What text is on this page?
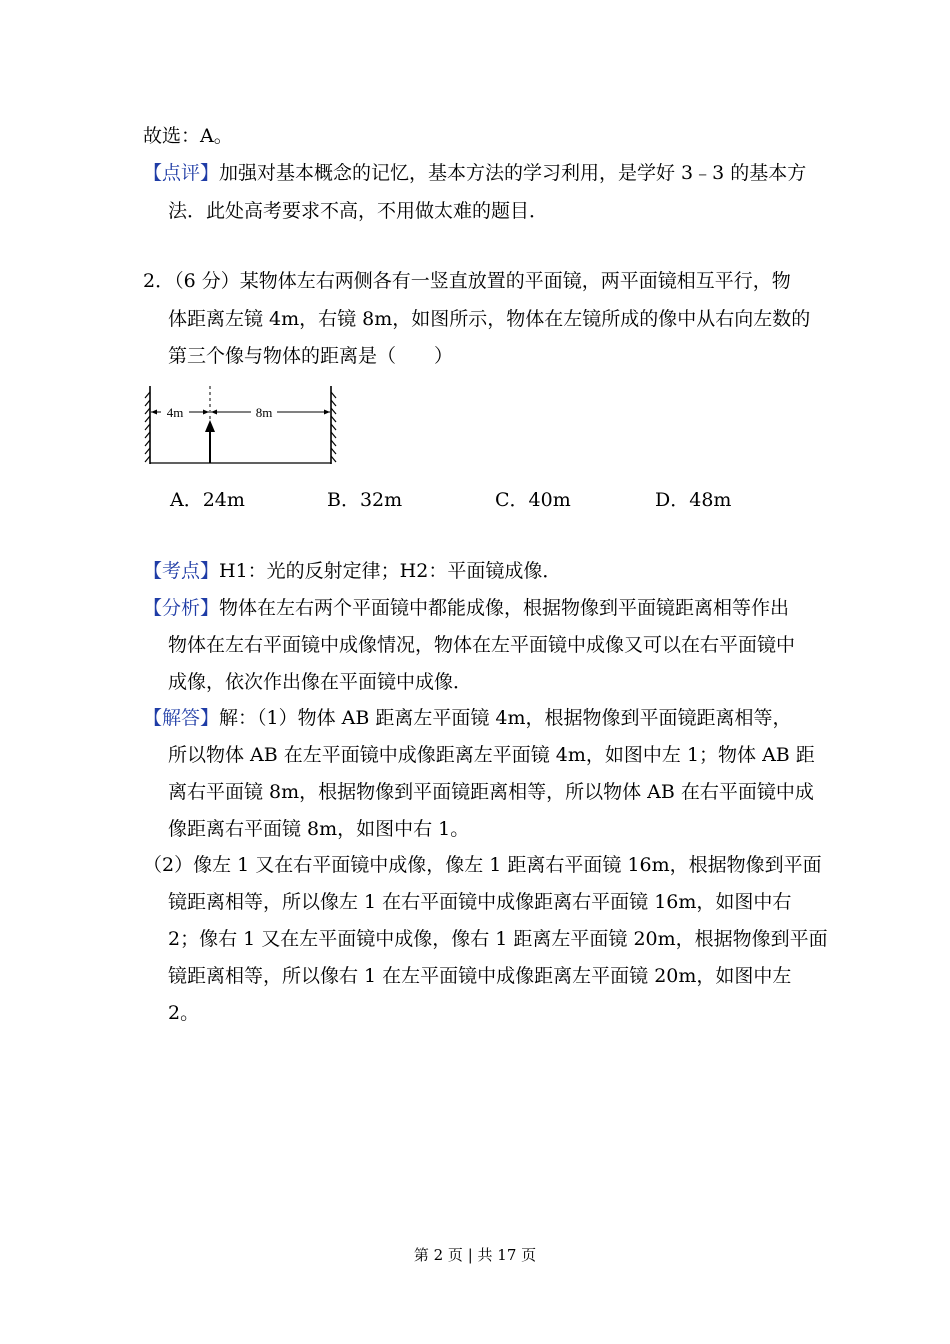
故选：A。
【点评】加强对基本概念的记忆，基本方法的学习利用，是学好 3﹣3 的基本方
法．此处高考要求不高，不用做太难的题目．
2．（6 分）某物体左右两侧各有一竖直放置的平面镜，两平面镜相互平行，物
体距离左镜 4m，右镜 8m，如图所示，物体在左镜所成的像中从右向左数的
第三个像与物体的距离是（　　）
4m	8m
A．24m	B．32m	C．40m	D．48m
【考点】H1：光的反射定律；H2：平面镜成像．
【分析】物体在左右两个平面镜中都能成像，根据物像到平面镜距离相等作出
物体在左右平面镜中成像情况，物体在左平面镜中成像又可以在右平面镜中
成像，依次作出像在平面镜中成像．
【解答】解：（1）物体 AB 距离左平面镜 4m，根据物像到平面镜距离相等，
所以物体 AB 在左平面镜中成像距离左平面镜 4m，如图中左 1；物体 AB 距
离右平面镜 8m，根据物像到平面镜距离相等，所以物体 AB 在右平面镜中成
像距离右平面镜 8m，如图中右 1。
（2）像左 1 又在右平面镜中成像，像左 1 距离右平面镜 16m，根据物像到平面
镜距离相等，所以像左 1 在右平面镜中成像距离右平面镜 16m，如图中右
2；像右 1 又在左平面镜中成像，像右 1 距离左平面镜 20m，根据物像到平面
镜距离相等，所以像右 1 在左平面镜中成像距离左平面镜 20m，如图中左
2。
第 2 页 | 共 17 页
